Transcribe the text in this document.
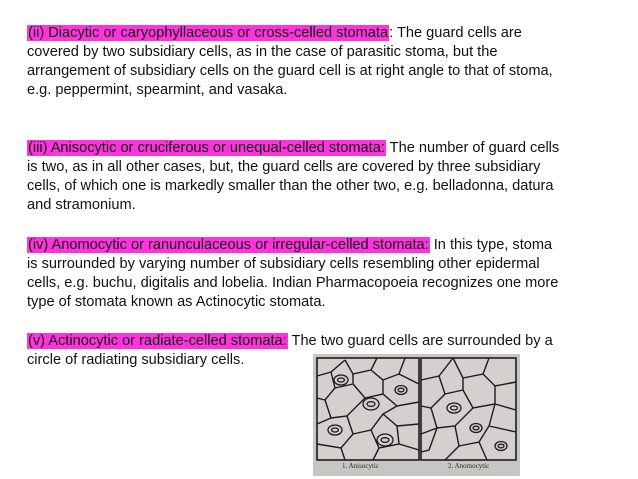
(ii) Diacytic or caryophyllaceous or cross-celled stomata: The guard cells are
covered by two subsidiary cells, as in the case of parasitic stoma, but the
arrangement of subsidiary cells on the guard cell is at right angle to that of stoma,
e.g. peppermint, spearmint, and vasaka.

(iii) Anisocytic or cruciferous or unequal-celled stomata: The number of guard cells
is two, as in all other cases, but, the guard cells are covered by three subsidiary
cells, of which one is markedly smaller than the other two, e.g. belladonna, datura
and stramonium.

(iv) Anomocytic or ranunculaceous or irregular-celled stomata: In this type, stoma
is surrounded by varying number of subsidiary cells resembling other epidermal
cells, e.g. buchu, digitalis and lobelia. Indian Pharmacopoeia recognizes one more
type of stomata known as Actinocytic stomata.

(v) Actinocytic or radiate-celled stomata: The two guard cells are surrounded by a
circle of radiating subsidiary cells.

1. Anisocytic	2. Anomocytic
